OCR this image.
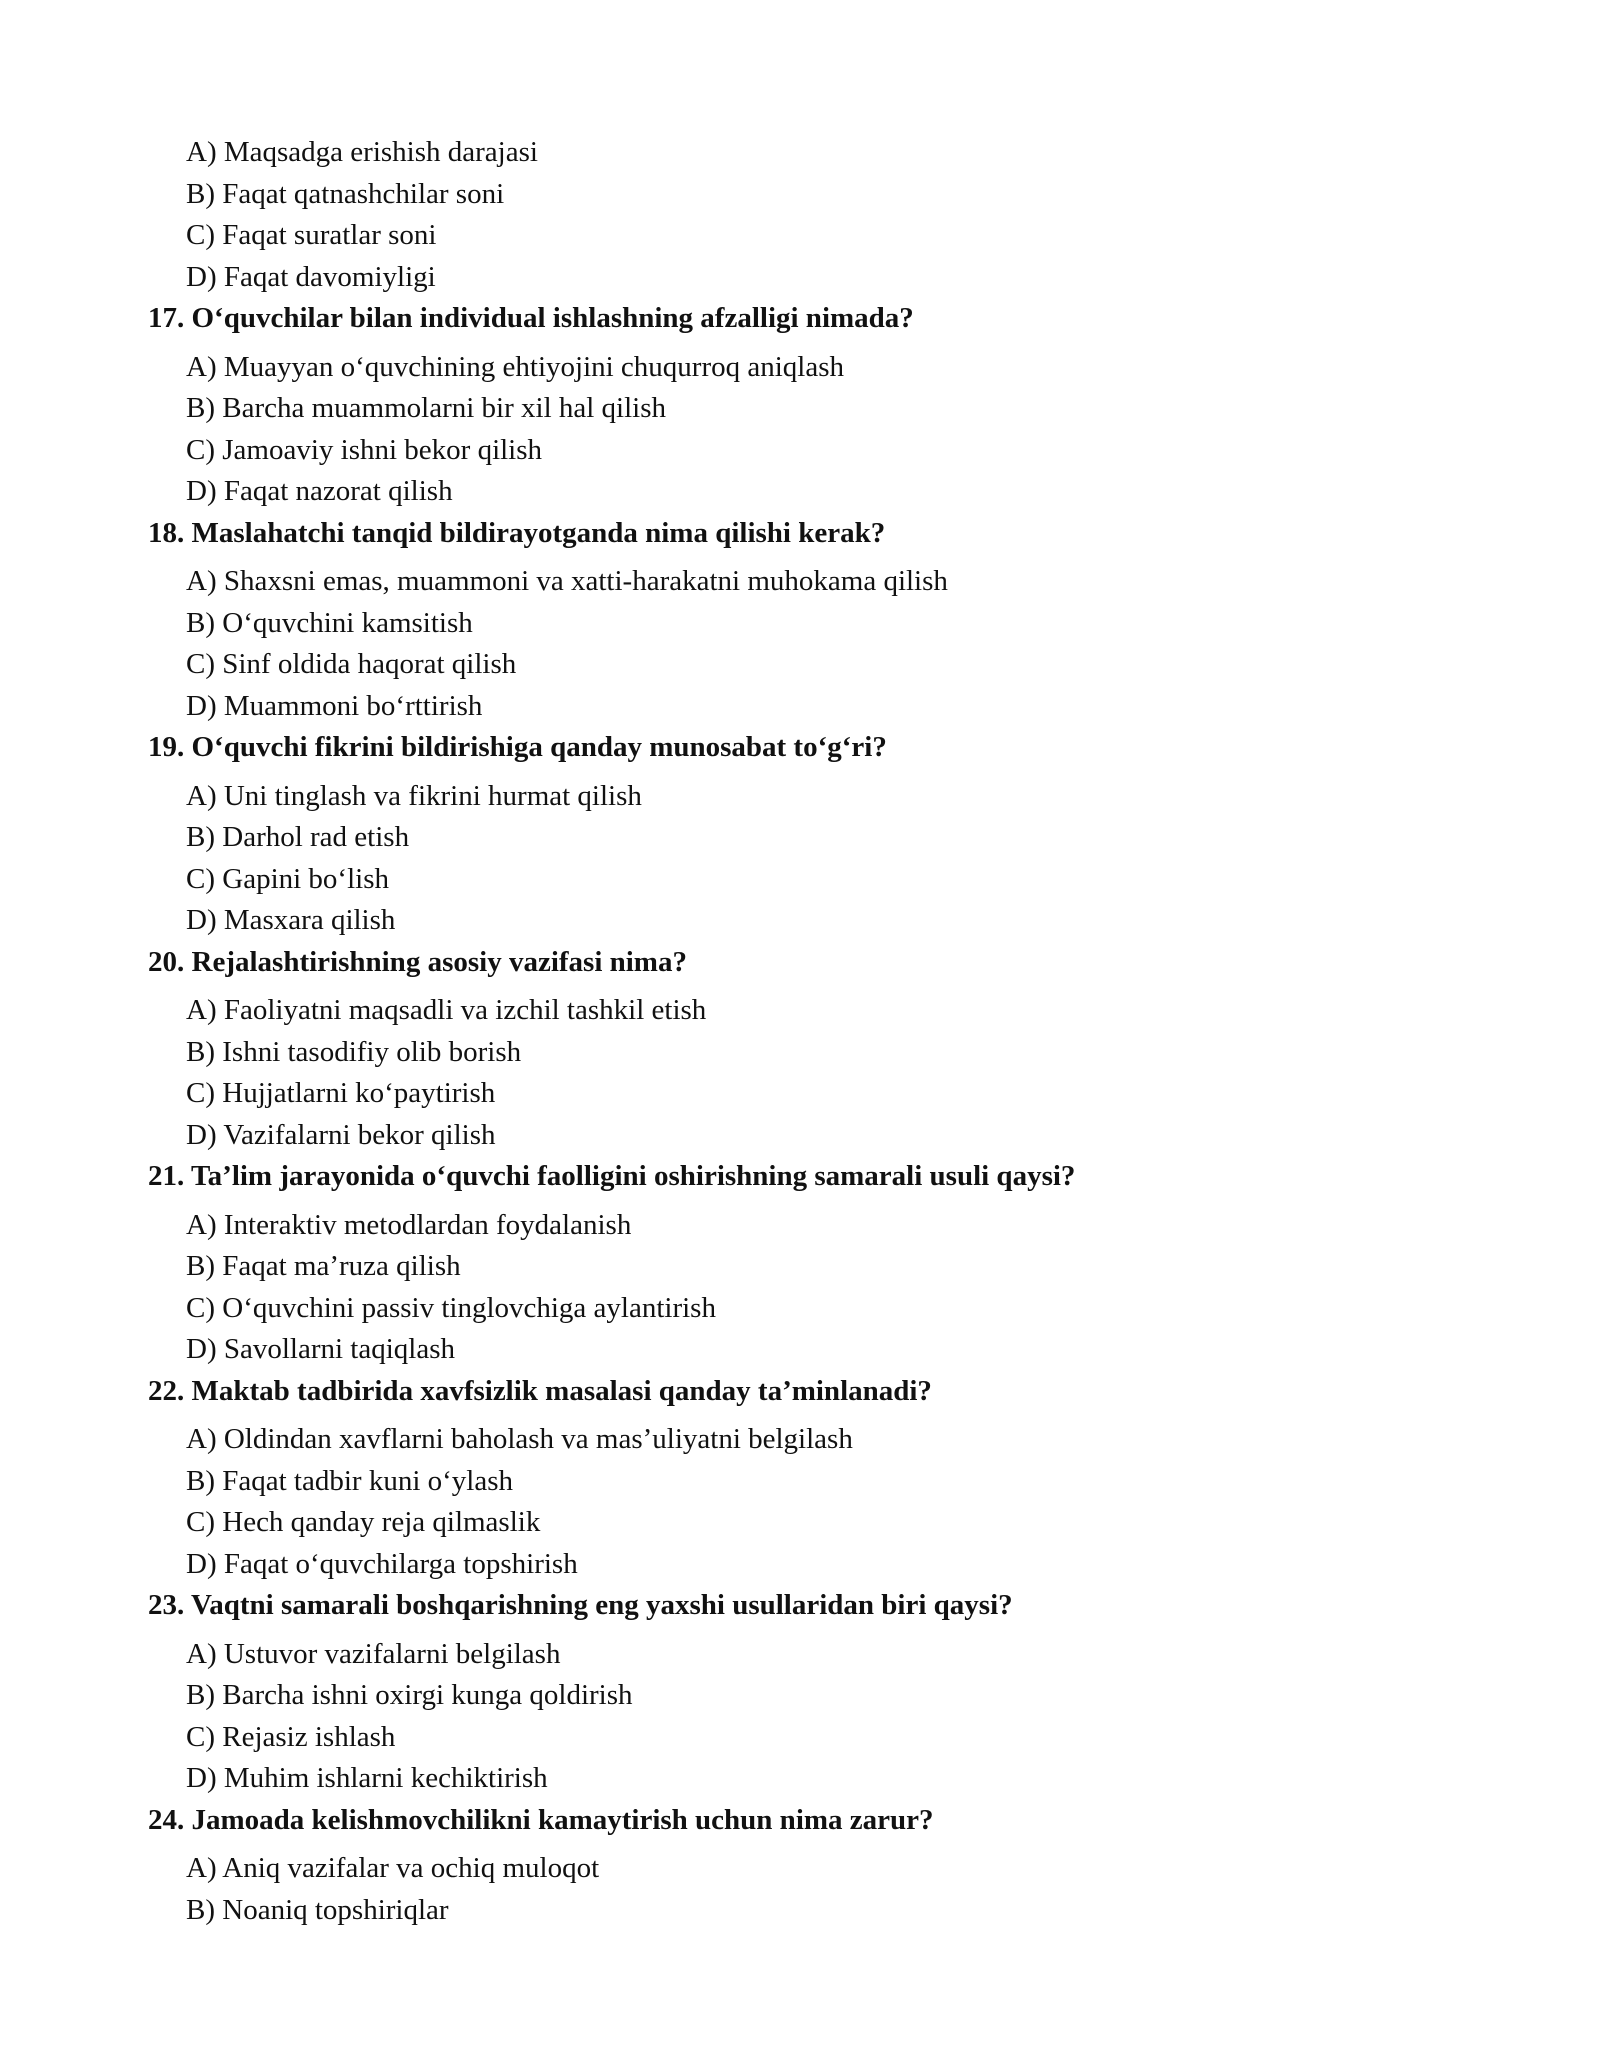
A) Maqsadga erishish darajasi
B) Faqat qatnashchilar soni
C) Faqat suratlar soni
D) Faqat davomiyligi
17. O‘quvchilar bilan individual ishlashning afzalligi nimada?
A) Muayyan o‘quvchining ehtiyojini chuqurroq aniqlash
B) Barcha muammolarni bir xil hal qilish
C) Jamoaviy ishni bekor qilish
D) Faqat nazorat qilish
18. Maslahatchi tanqid bildirayotganda nima qilishi kerak?
A) Shaxsni emas, muammoni va xatti-harakatni muhokama qilish
B) O‘quvchini kamsitish
C) Sinf oldida haqorat qilish
D) Muammoni bo‘rttirish
19. O‘quvchi fikrini bildirishiga qanday munosabat to‘g‘ri?
A) Uni tinglash va fikrini hurmat qilish
B) Darhol rad etish
C) Gapini bo‘lish
D) Masxara qilish
20. Rejalashtirishning asosiy vazifasi nima?
A) Faoliyatni maqsadli va izchil tashkil etish
B) Ishni tasodifiy olib borish
C) Hujjatlarni ko‘paytirish
D) Vazifalarni bekor qilish
21. Ta’lim jarayonida o‘quvchi faolligini oshirishning samarali usuli qaysi?
A) Interaktiv metodlardan foydalanish
B) Faqat ma’ruza qilish
C) O‘quvchini passiv tinglovchiga aylantirish
D) Savollarni taqiqlash
22. Maktab tadbirida xavfsizlik masalasi qanday ta’minlanadi?
A) Oldindan xavflarni baholash va mas’uliyatni belgilash
B) Faqat tadbir kuni o‘ylash
C) Hech qanday reja qilmaslik
D) Faqat o‘quvchilarga topshirish
23. Vaqtni samarali boshqarishning eng yaxshi usullaridan biri qaysi?
A) Ustuvor vazifalarni belgilash
B) Barcha ishni oxirgi kunga qoldirish
C) Rejasiz ishlash
D) Muhim ishlarni kechiktirish
24. Jamoada kelishmovchilikni kamaytirish uchun nima zarur?
A) Aniq vazifalar va ochiq muloqot
B) Noaniq topshiriqlar
